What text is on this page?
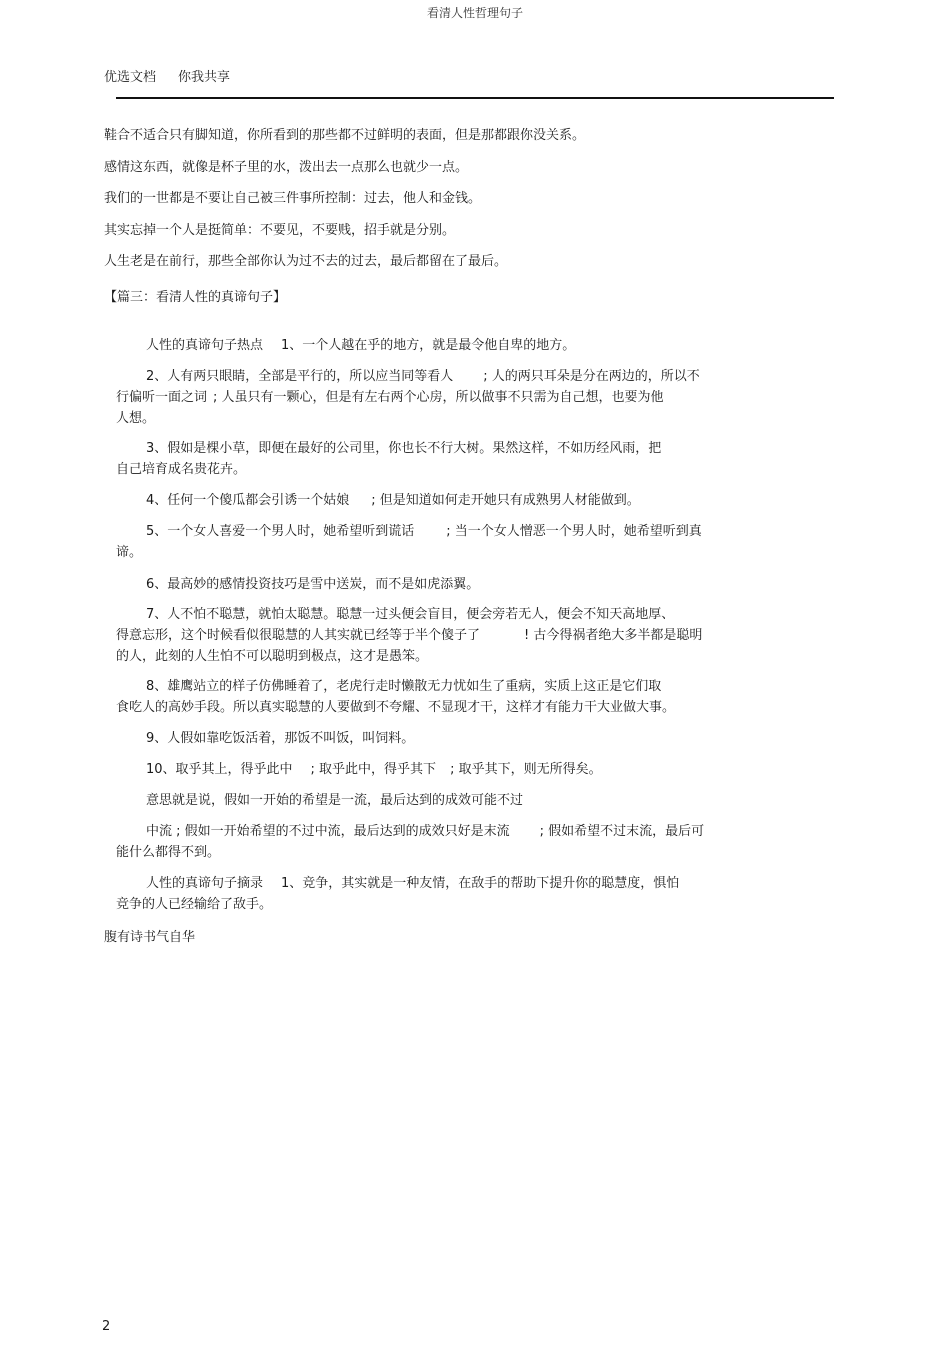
看清人性哲理句子
优选文档 你我共享
鞋合不适合只有脚知道，你所看到的那些都不过鲜明的表面，但是那都跟你没关系。
感情这东西，就像是杯子里的水，泼出去一点那么也就少一点。
我们的一世都是不要让自己被三件事所控制：过去，他人和金钱。
其实忘掉一个人是挺简单：不要见，不要贱，招手就是分别。
人生老是在前行，那些全部你认为过不去的过去，最后都留在了最后。
【篇三：看清人性的真谛句子】
人性的真谛句子热点 1、一个人越在乎的地方，就是最令他自卑的地方。
2、人有两只眼睛，全部是平行的，所以应当同等看人 ; 人的两只耳朵是分在两边的，所以不
行偏听一面之词 ; 人虽只有一颗心，但是有左右两个心房，所以做事不只需为自己想，也要为他
人想。
3、假如是棵小草，即便在最好的公司里，你也长不行大树。果然这样，不如历经风雨，把
自己培育成名贵花卉。
4、任何一个傻瓜都会引诱一个姑娘 ; 但是知道如何走开她只有成熟男人材能做到。
5、一个女人喜爱一个男人时，她希望听到谎话 ; 当一个女人憎恶一个男人时，她希望听到真
谛。
6、最高妙的感情投资技巧是雪中送炭，而不是如虎添翼。
7、人不怕不聪慧，就怕太聪慧。聪慧一过头便会盲目，便会旁若无人，便会不知天高地厚、
得意忘形，这个时候看似很聪慧的人其实就已经等于半个傻子了	! 古今得祸者绝大多半都是聪明
的人，此刻的人生怕不可以聪明到极点，这才是愚笨。
8、雄鹰站立的样子仿佛睡着了，老虎行走时懒散无力忧如生了重病，实质上这正是它们取
食吃人的高妙手段。所以真实聪慧的人要做到不夸耀、不显现才干，这样才有能力干大业做大事。
9、人假如靠吃饭活着，那饭不叫饭，叫饲料。
10、取乎其上，得乎此中 ; 取乎此中，得乎其下 ; 取乎其下，则无所得矣。
意思就是说，假如一开始的希望是一流，最后达到的成效可能不过
中流 ; 假如一开始希望的不过中流，最后达到的成效只好是末流 ; 假如希望不过末流，最后可
能什么都得不到。
人性的真谛句子摘录 1、竞争，其实就是一种友情，在敌手的帮助下提升你的聪慧度，惧怕
竞争的人已经输给了敌手。
腹有诗书气自华
2
